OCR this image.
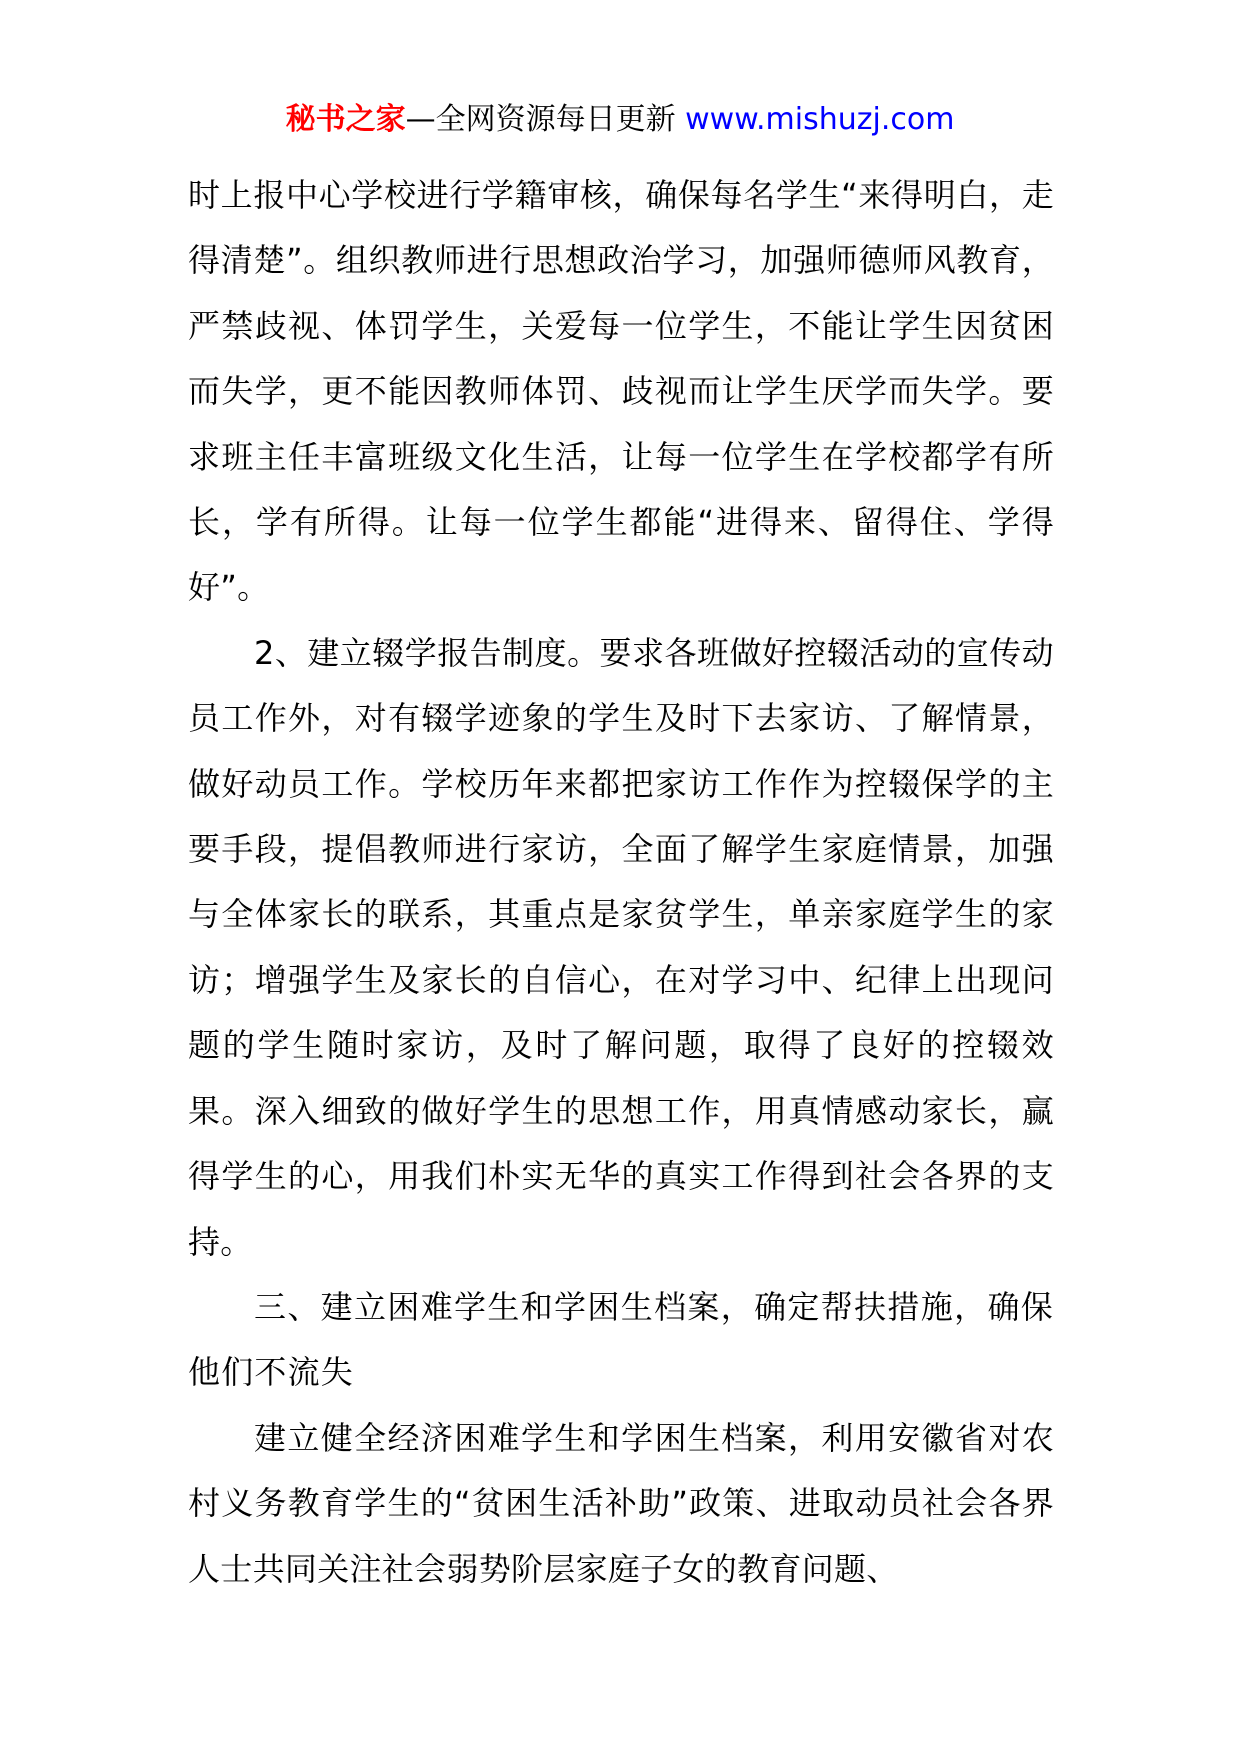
秘书之家—全网资源每日更新 www.mishuzj.com

时上报中心学校进行学籍审核，确保每名学生“来得明白，走得清楚”。组织教师进行思想政治学习，加强师德师风教育，严禁歧视、体罚学生，关爱每一位学生，不能让学生因贫困而失学，更不能因教师体罚、歧视而让学生厌学而失学。要求班主任丰富班级文化生活，让每一位学生在学校都学有所长，学有所得。让每一位学生都能“进得来、留得住、学得好”。

2、建立辍学报告制度。要求各班做好控辍活动的宣传动员工作外，对有辍学迹象的学生及时下去家访、了解情景，做好动员工作。学校历年来都把家访工作作为控辍保学的主要手段，提倡教师进行家访，全面了解学生家庭情景，加强与全体家长的联系，其重点是家贫学生，单亲家庭学生的家访；增强学生及家长的自信心，在对学习中、纪律上出现问题的学生随时家访，及时了解问题，取得了良好的控辍效果。深入细致的做好学生的思想工作，用真情感动家长，赢得学生的心，用我们朴实无华的真实工作得到社会各界的支持。

三、建立困难学生和学困生档案，确定帮扶措施，确保他们不流失

建立健全经济困难学生和学困生档案，利用安徽省对农村义务教育学生的“贫困生活补助”政策、进取动员社会各界人士共同关注社会弱势阶层家庭子女的教育问题、
